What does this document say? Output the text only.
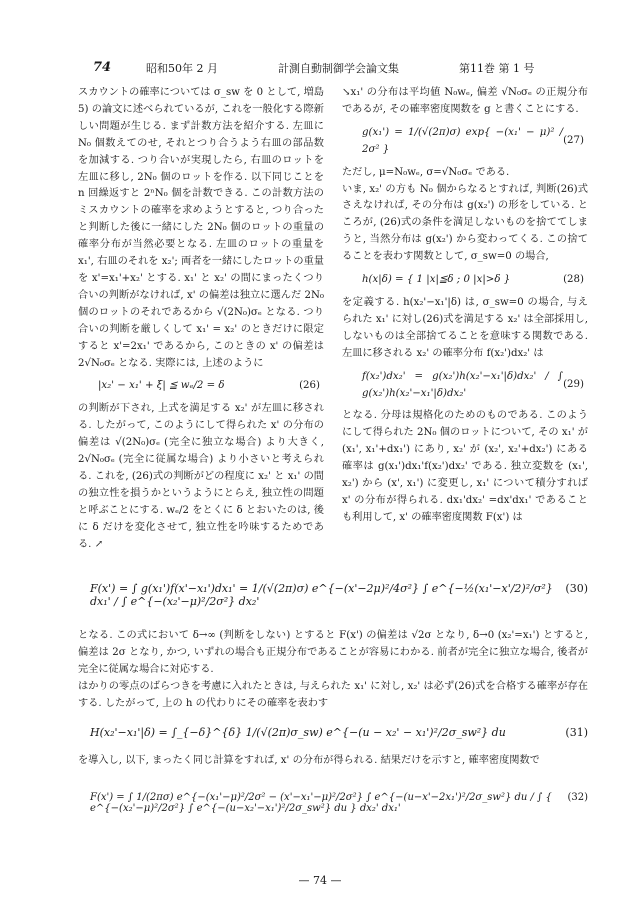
74	昭和50年 2 月	計測自動制御学会論文集	第11巻 第 1 号

スカウントの確率については σ_sw を 0 として, 増島 5) の論文に述べられているが, これを一般化する際新しい問題が生じる. まず計数方法を紹介する. 左皿に N₀ 個数えてのせ, それとつり合うよう右皿の部品数を加減する. つり合いが実現したら, 右皿のロットを左皿に移し, 2N₀ 個のロットを作る. 以下同じことを n 回繰返すと 2ⁿN₀ 個を計数できる. この計数方法のミスカウントの確率を求めようとすると, つり合ったと判断した後に一緒にした 2N₀ 個のロットの重量の確率分布が当然必要となる. 左皿のロットの重量を x₁', 右皿のそれを x₂'; 両者を一緒にしたロットの重量を x'=x₁'+x₂' とする. x₁' と x₂' の間にまったくつり合いの判断がなければ, x' の偏差は独立に選んだ 2N₀ 個のロットのそれであるから √(2N₀)σₑ となる. つり合いの判断を厳しくして x₁' = x₂' のときだけに限定すると x'=2x₁' であるから, このときの x' の偏差は 2√N₀σₑ となる. 実際には, 上述のように

|x₂' − x₁' + ξ| ≦ wₑ/2 = δ	(26)

の判断が下され, 上式を満足する x₂' が左皿に移される. したがって, このようにして得られた x' の分布の偏差は √(2N₀)σₑ (完全に独立な場合) より大きく, 2√N₀σₑ (完全に従属な場合) より小さいと考えられる. これを, (26)式の判断がどの程度に x₂' と x₁' の間の独立性を損うかというようにとらえ, 独立性の問題と呼ぶことにする. wₑ/2 をとくに δ とおいたのは, 後に δ だけを変化させて, 独立性を吟味するためである. ↗

↘x₁' の分布は平均値 N₀wₑ, 偏差 √N₀σₑ の正規分布であるが, その確率密度関数を g と書くことにする.

g(x₁') = 1/(√(2π)σ) exp{ −(x₁' − μ)² / 2σ² }
(27)

ただし, μ=N₀wₑ, σ=√N₀σₑ である.

いま, x₂' の方も N₀ 個からなるとすれば, 判断(26)式さえなければ, その分布は g(x₂') の形をしている. ところが, (26)式の条件を満足しないものを捨ててしまうと, 当然分布は g(x₂') から変わってくる. この捨てることを表わす関数として, σ_sw=0 の場合,

h(x|δ) = { 1 |x|≦δ ; 0 |x|>δ }	(28)

を定義する. h(x₂'−x₁'|δ) は, σ_sw=0 の場合, 与えられた x₁' に対し(26)式を満足する x₂' は全部採用し, しないものは全部捨てることを意味する関数である. 左皿に移される x₂' の確率分布 f(x₂')dx₂' は

f(x₂')dx₂' = g(x₂')h(x₂'−x₁'|δ)dx₂' / ∫ g(x₂')h(x₂'−x₁'|δ)dx₂'
(29)

となる. 分母は規格化のためのものである. このようにして得られた 2N₀ 個のロットについて, その x₁' が (x₁', x₁'+dx₁') にあり, x₂' が (x₂', x₂'+dx₂') にある確率は g(x₁')dx₁'f(x₂')dx₂' である. 独立変数を (x₁', x₂') から (x', x₁') に変更し, x₁' について積分すれば x' の分布が得られる. dx₁'dx₂' =dx'dx₁' であることも利用して, x' の確率密度関数 F(x') は

F(x') = ∫ g(x₁')f(x'−x₁')dx₁' = 1/(√(2π)σ) e^{−(x'−2μ)²/4σ²} ∫ e^{−½(x₁'−x'/2)²/σ²} dx₁' / ∫ e^{−(x₂'−μ)²/2σ²} dx₂'
(30)

となる. この式において δ→∞ (判断をしない) とすると F(x') の偏差は √2σ となり, δ→0 (x₂'=x₁') とすると, 偏差は 2σ となり, かつ, いずれの場合も正規分布であることが容易にわかる. 前者が完全に独立な場合, 後者が完全に従属な場合に対応する.

はかりの零点のばらつきを考慮に入れたときは, 与えられた x₁' に対し, x₂' は必ず(26)式を合格する確率が存在する. したがって, 上の h の代わりにその確率を表わす

H(x₂'−x₁'|δ) = ∫_{−δ}^{δ} 1/(√(2π)σ_sw) e^{−(u − x₂' − x₁')²/2σ_sw²} du	(31)

を導入し, 以下, まったく同じ計算をすれば, x' の分布が得られる. 結果だけを示すと, 確率密度関数で

F(x') = ∫ 1/(2πσ) e^{−(x₁'−μ)²/2σ² − (x'−x₁'−μ)²/2σ²} ∫ e^{−(u−x'−2x₁')²/2σ_sw²} du / ∫ { e^{−(x₂'−μ)²/2σ²} ∫ e^{−(u−x₂'−x₁')²/2σ_sw²} du } dx₂' dx₁'
(32)
— 74 —
